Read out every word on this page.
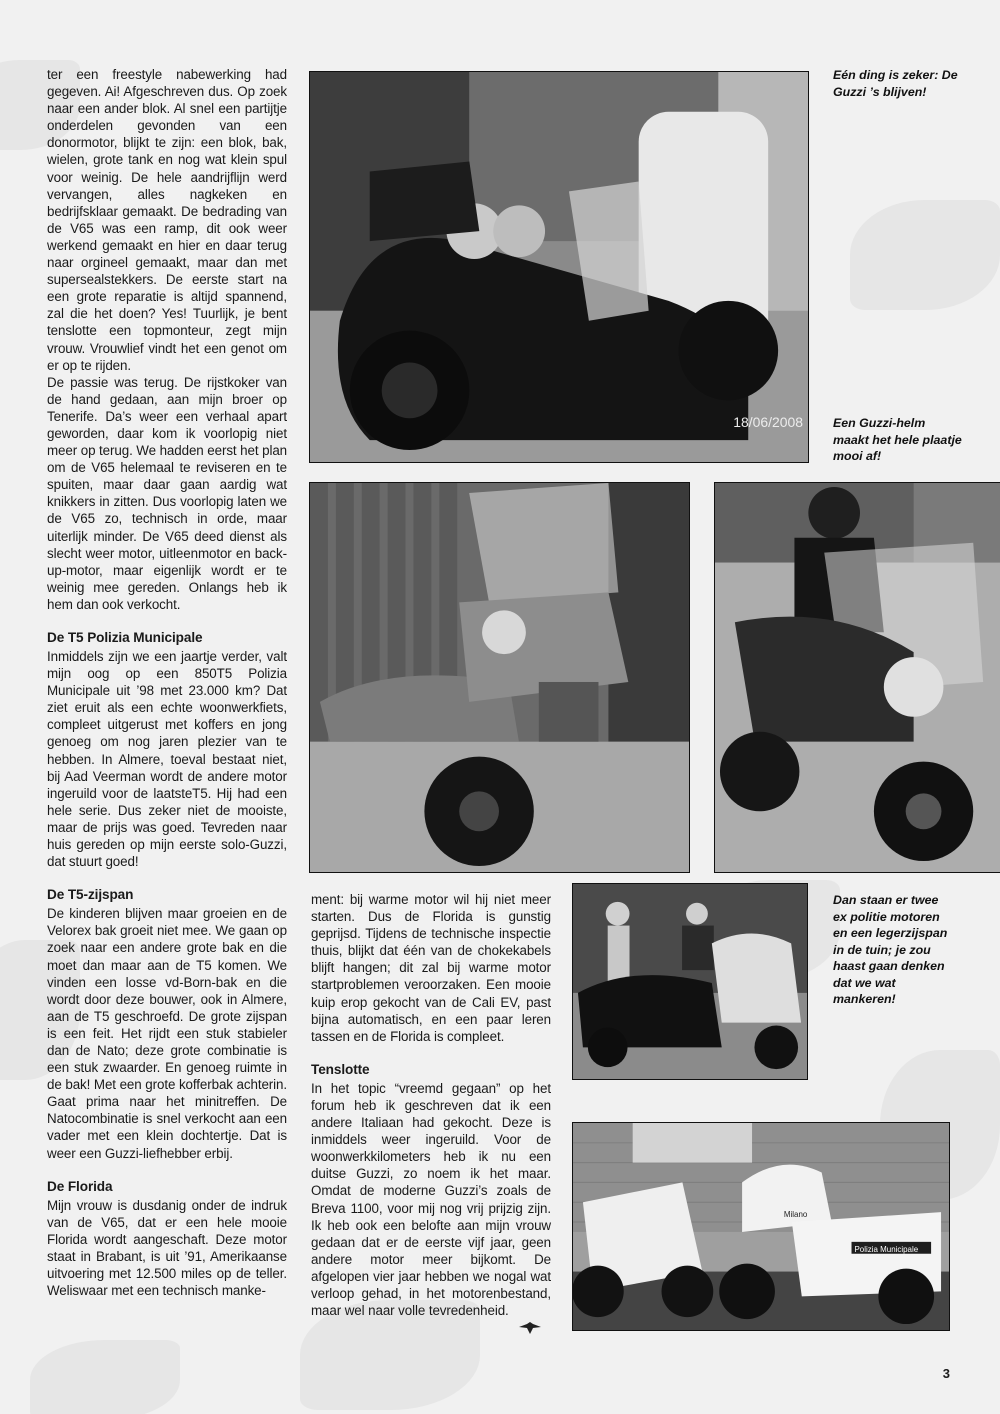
ter een freestyle nabewerking had gegeven. Ai! Afgeschreven dus. Op zoek naar een ander blok. Al snel een partijtje onderdelen gevonden van een donormotor, blijkt te zijn: een blok, bak, wielen, grote tank en nog wat klein spul voor weinig. De hele aandrijflijn werd vervangen, alles nagkeken en bedrijfsklaar gemaakt. De bedrading van de V65 was een ramp, dit ook weer werkend gemaakt en hier en daar terug naar orgineel gemaakt, maar dan met supersealstekkers. De eerste start na een grote reparatie is altijd spannend, zal die het doen? Yes! Tuurlijk, je bent tenslotte een topmonteur, zegt mijn vrouw. Vrouwlief vindt het een genot om er op te rijden.

De passie was terug. De rijstkoker van de hand gedaan, aan mijn broer op Tenerife. Da’s weer een verhaal apart geworden, daar kom ik voorlopig niet meer op terug. We hadden eerst het plan om de V65 helemaal te reviseren en te spuiten, maar daar gaan aardig wat knikkers in zitten. Dus voorlopig laten we de V65 zo, technisch in orde, maar uiterlijk minder. De V65 deed dienst als slecht weer motor, uitleenmotor en back-up-motor, maar eigenlijk wordt er te weinig mee gereden. Onlangs heb ik hem dan ook verkocht.

De T5 Polizia Municipale

Inmiddels zijn we een jaartje verder, valt mijn oog op een 850T5 Polizia Municipale uit ’98 met 23.000 km? Dat ziet eruit als een echte woonwerkfiets, compleet uitgerust met koffers en jong genoeg om nog jaren plezier van te hebben. In Almere, toeval bestaat niet, bij Aad Veerman wordt de andere motor ingeruild voor de laatsteT5. Hij had een hele serie. Dus zeker niet de mooiste, maar de prijs was goed. Tevreden naar huis gereden op mijn eerste solo-Guzzi, dat stuurt goed!

De T5-zijspan

De kinderen blijven maar groeien en de Velorex bak groeit niet mee. We gaan op zoek naar een andere grote bak en die moet dan maar aan de T5 komen. We vinden een losse vd-Born-bak en die wordt door deze bouwer, ook in Almere, aan de T5 geschroefd. De grote zijspan is een feit. Het rijdt een stuk stabieler dan de Nato; deze grote combinatie is een stuk zwaarder. En genoeg ruimte in de bak! Met een grote kofferbak achterin. Gaat prima naar het minitreffen. De Natocombinatie is snel verkocht aan een vader met een klein dochtertje. Dat is weer een Guzzi-liefhebber erbij.

De Florida

Mijn vrouw is dusdanig onder de indruk van de V65, dat er een hele mooie Florida wordt aangeschaft. Deze motor staat in Brabant, is uit ’91, Amerikaanse uitvoering met 12.500 miles op de teller. Weliswaar met een technisch manke-

ment: bij warme motor wil hij niet meer starten. Dus de Florida is gunstig geprijsd. Tijdens de technische inspectie thuis, blijkt dat één van de chokekabels blijft hangen; dit zal bij warme motor startproblemen veroorzaken. Een mooie kuip erop gekocht van de Cali EV, past bijna automatisch, en een paar leren tassen en de Florida is compleet.

Tenslotte

In het topic “vreemd gegaan” op het forum heb ik geschreven dat ik een andere Italiaan had gekocht. Deze is inmiddels weer ingeruild. Voor de woonwerkkilometers heb ik nu een duitse Guzzi, zo noem ik het maar. Omdat de moderne Guzzi’s zoals de Breva 1100, voor mij nog vrij prijzig zijn. Ik heb ook een belofte aan mijn vrouw gedaan dat er de eerste vijf jaar, geen andere motor meer bijkomt. De afgelopen vier jaar hebben we nogal wat verloop gehad, in het motorenbestand, maar wel naar volle tevredenheid.

18/06/2008
Polizia Municipale
Milano
Eén ding is zeker: De Guzzi ’s blijven!
Een Guzzi-helm maakt het hele plaatje mooi af!
Dan staan er twee ex politie motoren en een legerzijspan in de tuin; je zou haast gaan denken dat we wat mankeren!
3
